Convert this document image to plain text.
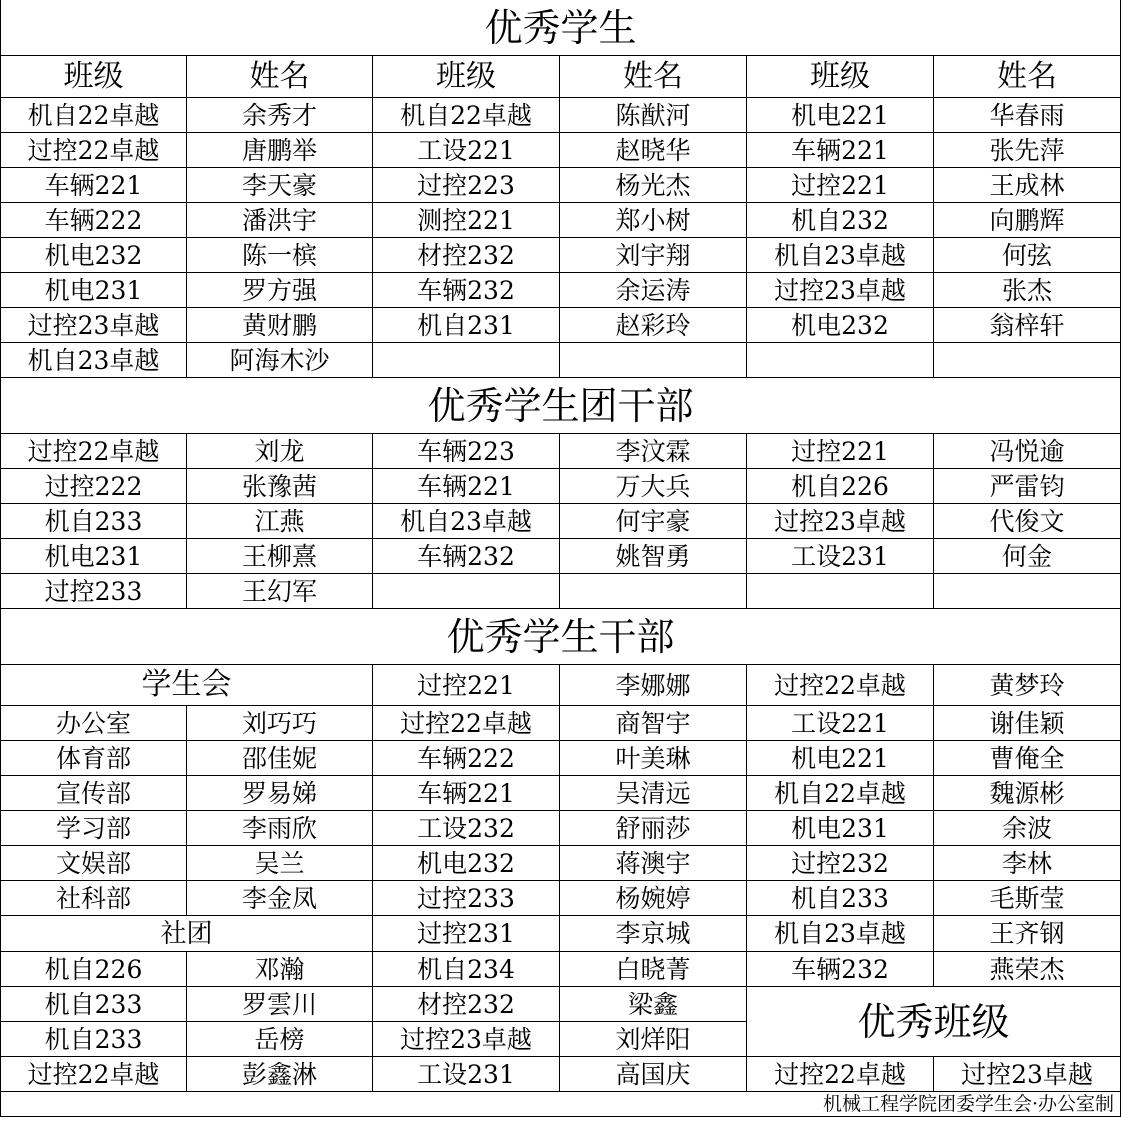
优秀学生					
班级	姓名	班级	姓名	班级	姓名
机自22卓越	余秀才	机自22卓越	陈猷河	机电221	华春雨
过控22卓越	唐鹏举	工设221	赵晓华	车辆221	张先萍
车辆221	李天豪	过控223	杨光杰	过控221	王成林
车辆222	潘洪宇	测控221	郑小树	机自232	向鹏辉
机电232	陈一槟	材控232	刘宇翔	机自23卓越	何弦
机电231	罗方强	车辆232	余运涛	过控23卓越	张杰
过控23卓越	黄财鹏	机自231	赵彩玲	机电232	翁梓轩
机自23卓越	阿海木沙				
优秀学生团干部					
过控22卓越	刘龙	车辆223	李汶霖	过控221	冯悦逾
过控222	张豫茜	车辆221	万大兵	机自226	严雷钧
机自233	江燕	机自23卓越	何宇豪	过控23卓越	代俊文
机电231	王柳熹	车辆232	姚智勇	工设231	何金
过控233	王幻军				
优秀学生干部					
学生会		过控221	李娜娜	过控22卓越	黄梦玲
办公室	刘巧巧	过控22卓越	商智宇	工设221	谢佳颖
体育部	邵佳妮	车辆222	叶美琳	机电221	曹俺全
宣传部	罗易娣	车辆221	吴清远	机自22卓越	魏源彬
学习部	李雨欣	工设232	舒丽莎	机电231	余波
文娱部	吴兰	机电232	蒋澳宇	过控232	李林
社科部	李金凤	过控233	杨婉婷	机自233	毛斯莹
社团		过控231	李京城	机自23卓越	王齐钢
机自226	邓瀚	机自234	白晓菁	车辆232	燕荣杰
机自233	罗雲川	材控232	梁鑫	优秀班级	
机自233	岳榜	过控23卓越	刘烊阳		
过控22卓越	彭鑫淋	工设231	高国庆	过控22卓越	过控23卓越
机械工程学院团委学生会·办公室制					
